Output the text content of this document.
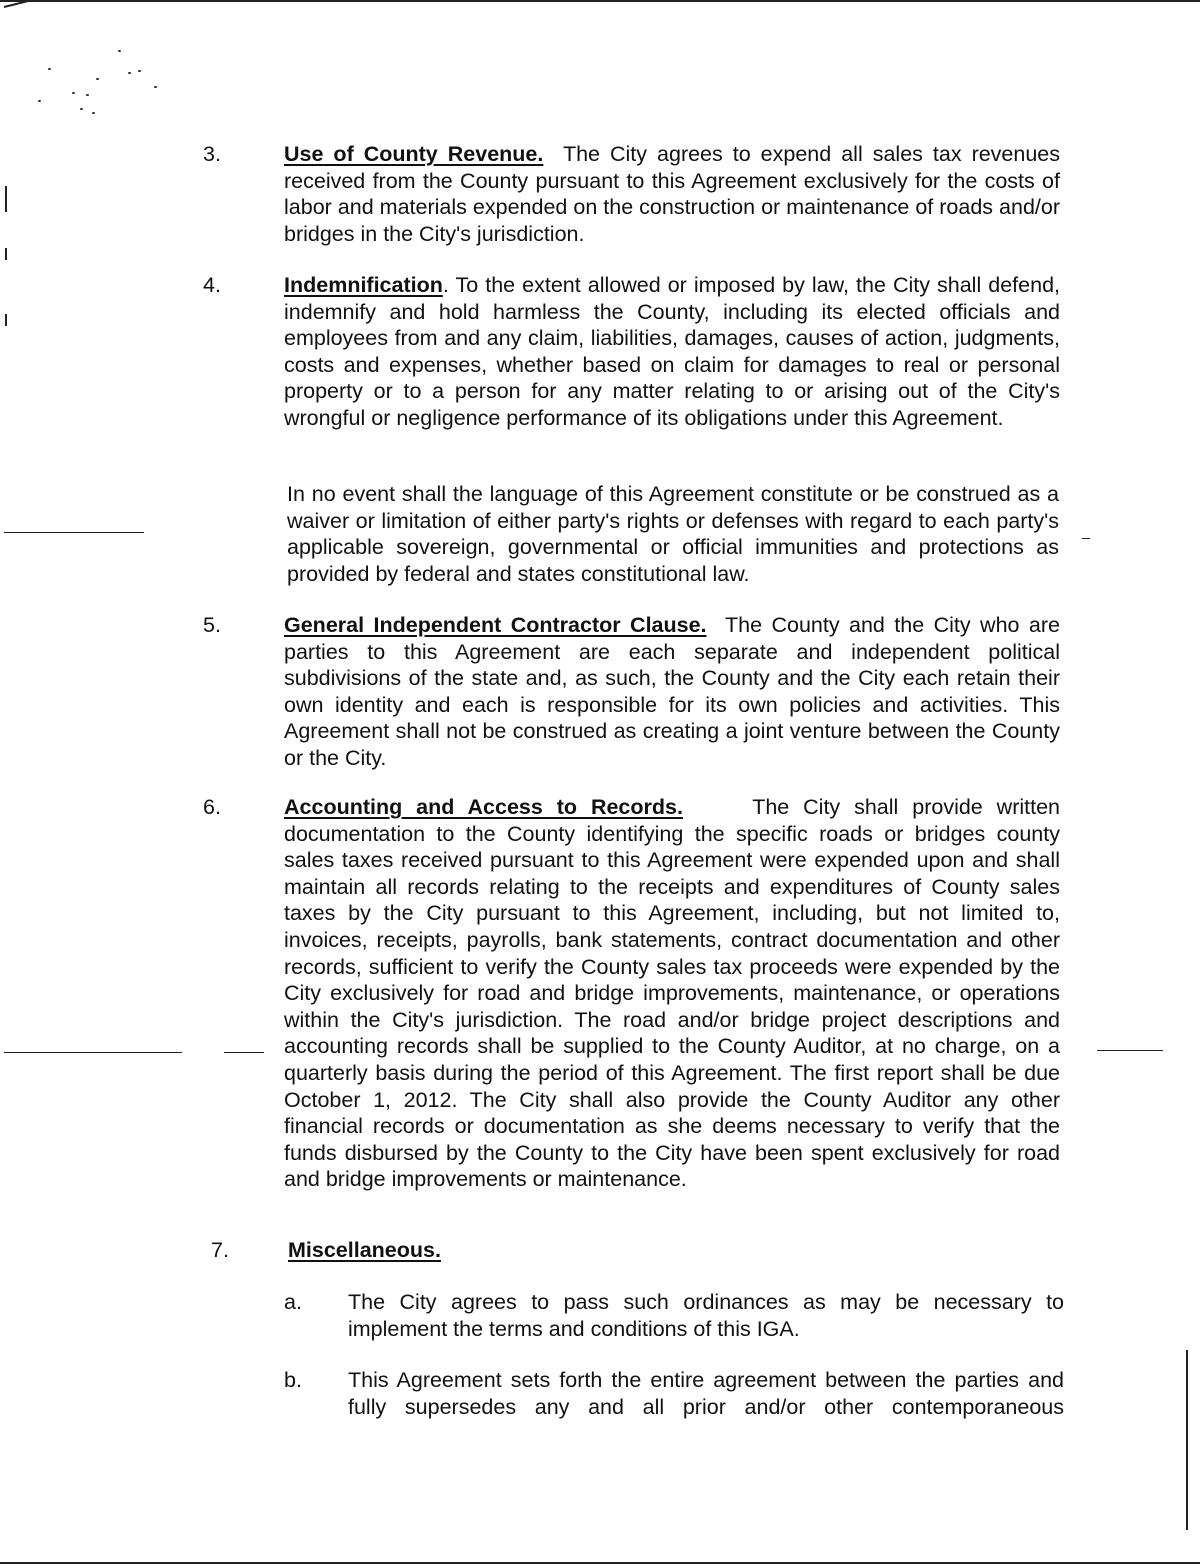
3.	Use of County Revenue. The City agrees to expend all sales tax revenues received from the County pursuant to this Agreement exclusively for the costs of labor and materials expended on the construction or maintenance of roads and/or bridges in the City's jurisdiction.
4.	Indemnification. To the extent allowed or imposed by law, the City shall defend, indemnify and hold harmless the County, including its elected officials and employees from and any claim, liabilities, damages, causes of action, judgments, costs and expenses, whether based on claim for damages to real or personal property or to a person for any matter relating to or arising out of the City's wrongful or negligence performance of its obligations under this Agreement.
In no event shall the language of this Agreement constitute or be construed as a waiver or limitation of either party's rights or defenses with regard to each party's applicable sovereign, governmental or official immunities and protections as provided by federal and states constitutional law.
5.	General Independent Contractor Clause. The County and the City who are parties to this Agreement are each separate and independent political subdivisions of the state and, as such, the County and the City each retain their own identity and each is responsible for its own policies and activities. This Agreement shall not be construed as creating a joint venture between the County or the City.
6.	Accounting and Access to Records.	The City shall provide written documentation to the County identifying the specific roads or bridges county sales taxes received pursuant to this Agreement were expended upon and shall maintain all records relating to the receipts and expenditures of County sales taxes by the City pursuant to this Agreement, including, but not limited to, invoices, receipts, payrolls, bank statements, contract documentation and other records, sufficient to verify the County sales tax proceeds were expended by the City exclusively for road and bridge improvements, maintenance, or operations within the City's jurisdiction. The road and/or bridge project descriptions and accounting records shall be supplied to the County Auditor, at no charge, on a quarterly basis during the period of this Agreement. The first report shall be due October 1, 2012. The City shall also provide the County Auditor any other financial records or documentation as she deems necessary to verify that the funds disbursed by the County to the City have been spent exclusively for road and bridge improvements or maintenance.
7.	Miscellaneous.
a. The City agrees to pass such ordinances as may be necessary to implement the terms and conditions of this IGA.
b. This Agreement sets forth the entire agreement between the parties and fully supersedes any and all prior and/or other contemporaneous
